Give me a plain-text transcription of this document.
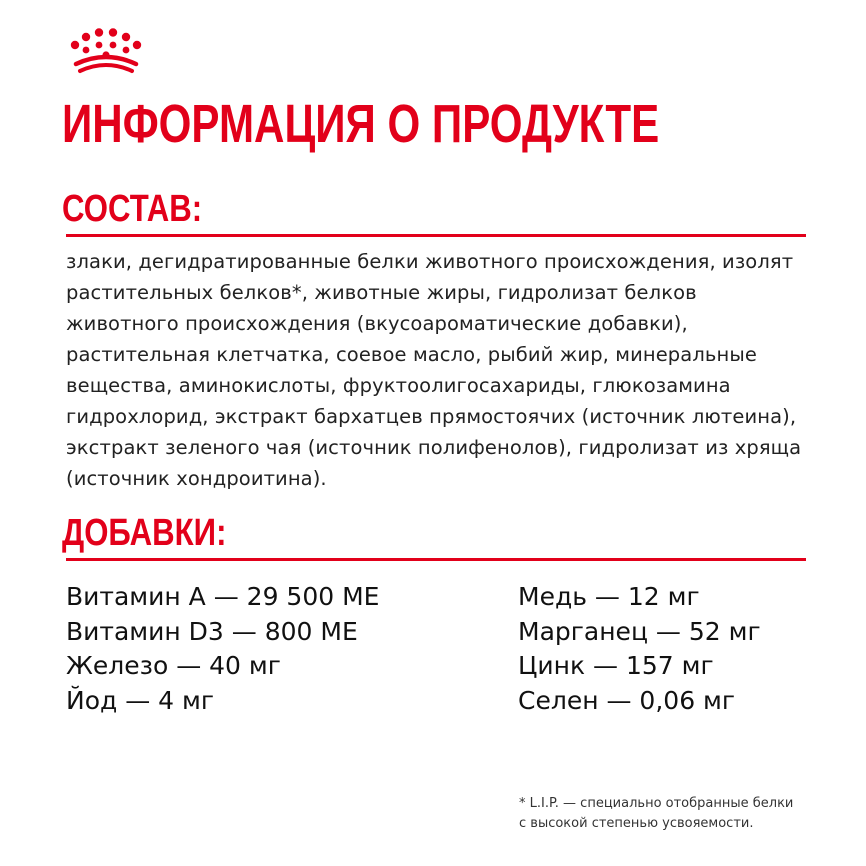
ИНФОРМАЦИЯ О ПРОДУКТЕ
СОСТАВ:

злаки, дегидратированные белки животного происхождения, изолят растительных белков*, животные жиры, гидролизат белков животного происхождения (вкусоароматические добавки), растительная клетчатка, соевое масло, рыбий жир, минеральные вещества, аминокислоты, фруктоолигосахариды, глюкозамина гидрохлорид, экстракт бархатцев прямостоячих (источник лютеина), экстракт зеленого чая (источник полифенолов), гидролизат из хряща (источник хондроитина).

ДОБАВКИ:
Витамин А — 29 500 МЕ	Медь — 12 мг
Витамин D3 — 800 МЕ	Марганец — 52 мг
Железо — 40 мг	Цинк — 157 мг
Йод — 4 мг	Селен — 0,06 мг

* L.I.P. — специально отобранные белки
с высокой степенью усвояемости.
